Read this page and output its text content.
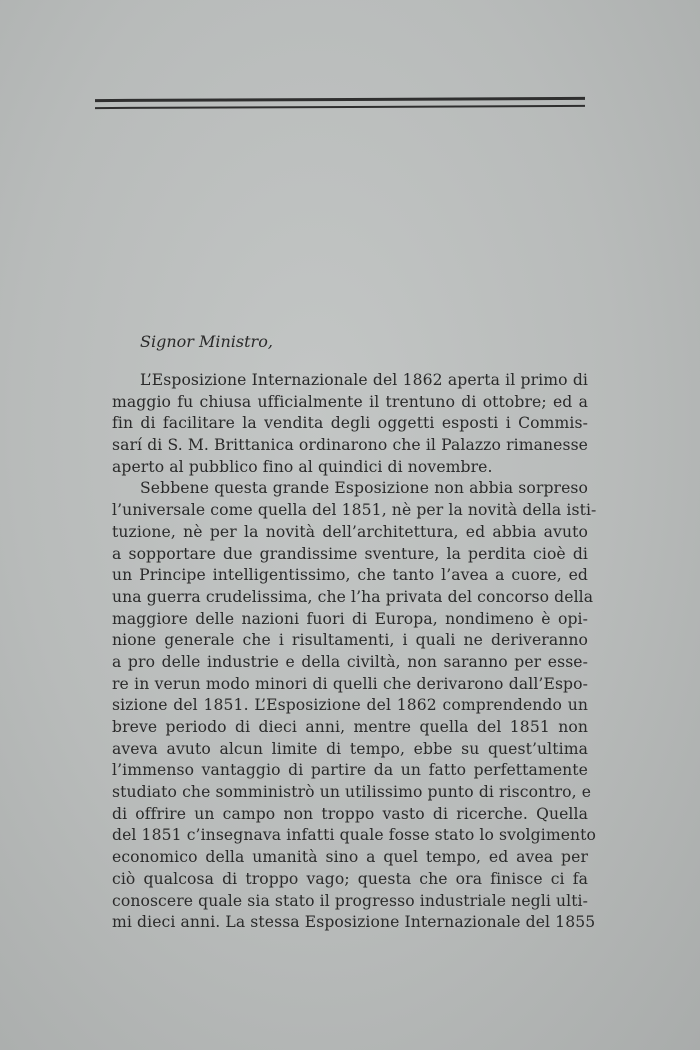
Signor Ministro,
L’Esposizione Internazionale del 1862 aperta il primo di
maggio fu chiusa ufficialmente il trentuno di ottobre; ed a
fin di facilitare la vendita degli oggetti esposti i Commis-
sarí di S. M. Brittanica ordinarono che il Palazzo rimanesse
aperto al pubblico fino al quindici di novembre.
Sebbene questa grande Esposizione non abbia sorpreso
l’universale come quella del 1851, nè per la novità della isti-
tuzione, nè per la novità dell’architettura, ed abbia avuto
a sopportare due grandissime sventure, la perdita cioè di
un Principe intelligentissimo, che tanto l’avea a cuore, ed
una guerra crudelissima, che l’ha privata del concorso della
maggiore delle nazioni fuori di Europa, nondimeno è opi-
nione generale che i risultamenti, i quali ne deriveranno
a pro delle industrie e della civiltà, non saranno per esse-
re in verun modo minori di quelli che derivarono dall’Espo-
sizione del 1851. L’Esposizione del 1862 comprendendo un
breve periodo di dieci anni, mentre quella del 1851 non
aveva avuto alcun limite di tempo, ebbe su quest’ultima
l’immenso vantaggio di partire da un fatto perfettamente
studiato che somministrò un utilissimo punto di riscontro, e
di offrire un campo non troppo vasto di ricerche. Quella
del 1851 c’insegnava infatti quale fosse stato lo svolgimento
economico della umanità sino a quel tempo, ed avea per
ciò qualcosa di troppo vago; questa che ora finisce ci fa
conoscere quale sia stato il progresso industriale negli ulti-
mi dieci anni. La stessa Esposizione Internazionale del 1855
